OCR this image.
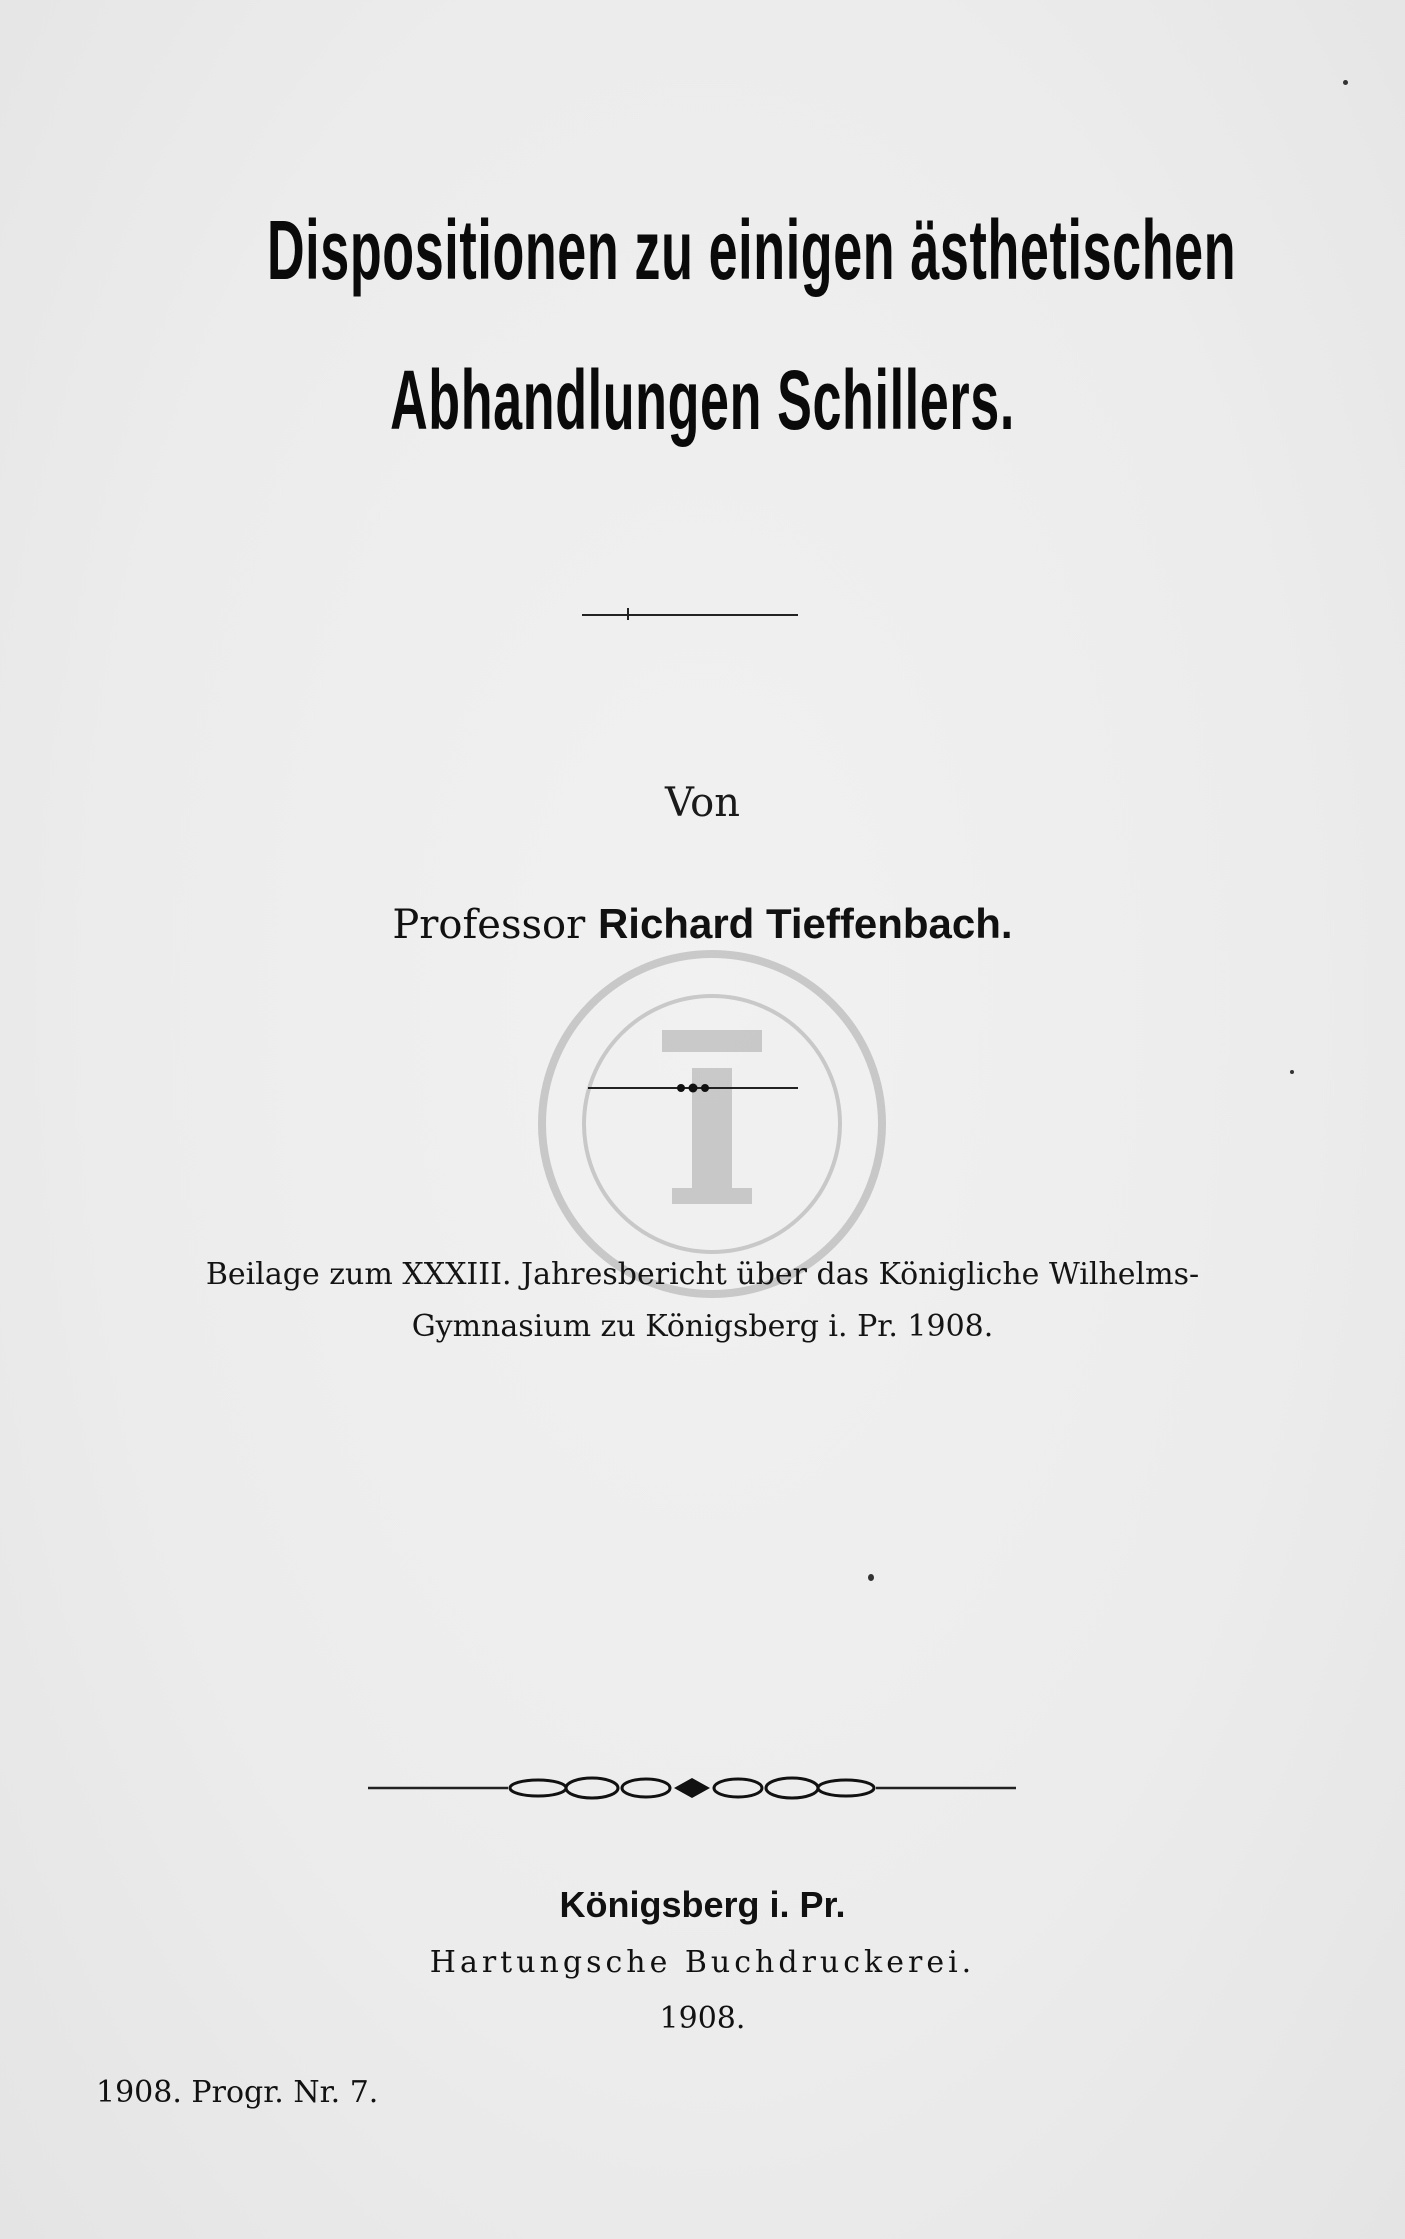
Dispositionen zu einigen ästhetischen
Abhandlungen Schillers.
Von
Professor Richard Tieffenbach.
Beilage zum XXXIII. Jahresbericht über das Königliche Wilhelms-
Gymnasium zu Königsberg i. Pr. 1908.
Königsberg i. Pr.
Hartungsche Buchdruckerei.
1908.
1908. Progr. Nr. 7.
